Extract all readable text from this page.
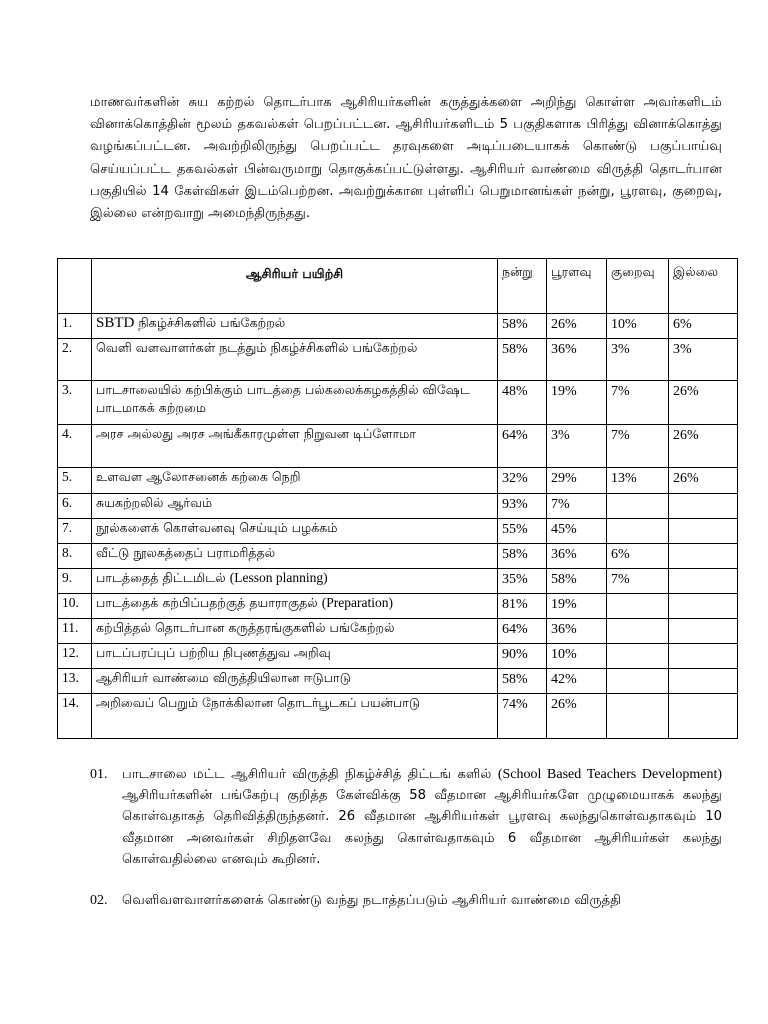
மாணவர்களின் சுய கற்றல் தொடர்பாக ஆசிரியர்களின் கருத்துக்களை அறிந்து கொள்ள அவர்களிடம் வினாக்கொத்தின் மூலம் தகவல்கள் பெறப்பட்டன. ஆசிரியர்களிடம் 5 பகுதிகளாக பிரித்து வினாக்கொத்து வழங்கப்பட்டன. அவற்றிலிருந்து பெறப்பட்ட தரவுகளை அடிப்படையாகக் கொண்டு பகுப்பாய்வு செய்யப்பட்ட தகவல்கள் பின்வருமாறு தொகுக்கப்பட்டுள்ளது. ஆசிரியர் வாண்மை விருத்தி தொடர்பான பகுதியில் 14 கேள்விகள் இடம்பெற்றன. அவற்றுக்கான புள்ளிப் பெறுமானங்கள் நன்று, பூரளவு, குறைவு, இல்லை என்றவாறு அமைந்திருந்தது.

	ஆசிரியர் பயிற்சி	நன்று	பூரளவு	குறைவு	இல்லை
1.	SBTD நிகழ்ச்சிகளில் பங்கேற்றல்	58%	26%	10%	6%
2.	வெளி வளவாளர்கள் நடத்தும் நிகழ்ச்சிகளில் பங்கேற்றல்	58%	36%	3%	3%
3.	பாடசாலையில் கற்பிக்கும் பாடத்தை பல்கலைக்கழகத்தில் விஷேட பாடமாகக் கற்றமை	48%	19%	7%	26%
4.	அரச அல்லது அரச அங்கீகாரமுள்ள நிறுவன டிப்ளோமா	64%	3%	7%	26%
5.	உளவள ஆலோசனைக் கற்கை நெறி	32%	29%	13%	26%
6.	சுயகற்றலில் ஆர்வம்	93%	7%		
7.	நூல்களைக் கொள்வனவு செய்யும் பழக்கம்	55%	45%		
8.	வீட்டு நூலகத்தைப் பராமரித்தல்	58%	36%	6%	
9.	பாடத்தைத் திட்டமிடல் (Lesson planning)	35%	58%	7%	
10.	பாடத்தைக் கற்பிப்பதற்குத் தயாராகுதல் (Preparation)	81%	19%		
11.	கற்பித்தல் தொடர்பான கருத்தரங்குகளில் பங்கேற்றல்	64%	36%		
12.	பாடப்பரப்புப் பற்றிய நிபுணத்துவ அறிவு	90%	10%		
13.	ஆசிரியர் வாண்மை விருத்தியிலான ஈடுபாடு	58%	42%		
14.	அறிவைப் பெறும் நோக்கிலான தொடர்பூடகப் பயன்பாடு	74%	26%		
01. பாடசாலை மட்ட ஆசிரியர் விருத்தி நிகழ்ச்சித் திட்டங் களில் (School Based Teachers Development) ஆசிரியர்களின் பங்கேற்பு குறித்த கேள்விக்கு 58 வீதமான ஆசிரியர்களே முழுமையாகக் கலந்து கொள்வதாகத் தெரிவித்திருந்தனர். 26 வீதமான ஆசிரியர்கள் பூரளவு கலந்துகொள்வதாகவும் 10 வீதமான அனவர்கள் சிறிதளவே கலந்து கொள்வதாகவும் 6 வீதமான ஆசிரியர்கள் கலந்து கொள்வதில்லை எனவும் கூறினர்.
02. வெளிவளவாளர்களைக் கொண்டு வந்து நடாத்தப்படும் ஆசிரியர் வாண்மை விருத்தி
